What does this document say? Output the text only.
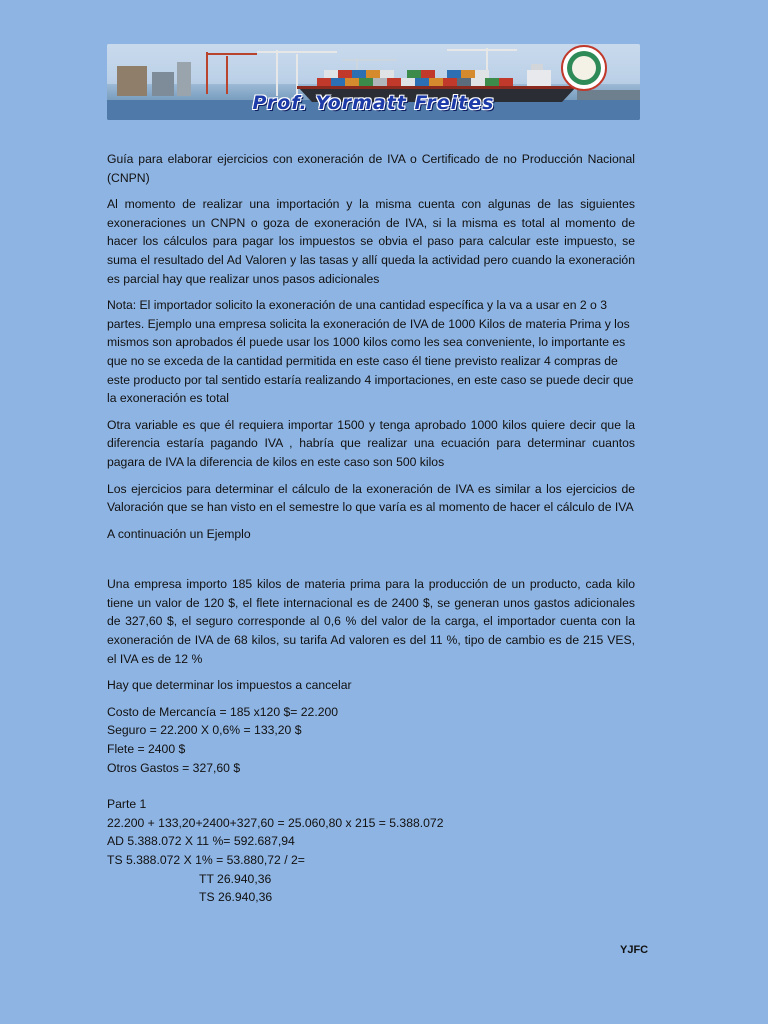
Prof. Yormatt Freites

Guía para elaborar ejercicios con exoneración de IVA o Certificado de no Producción Nacional (CNPN)

Al momento de realizar una importación y la misma cuenta con algunas de las siguientes exoneraciones un CNPN o goza de exoneración de IVA, si la misma es total al momento de hacer los cálculos para pagar los impuestos se obvia el paso para calcular este impuesto, se suma el resultado del Ad Valoren y las tasas y allí queda la actividad pero cuando la exoneración es parcial hay que realizar unos pasos adicionales

Nota: El importador solicito la exoneración de una cantidad específica y la va a usar en 2 o 3 partes. Ejemplo una empresa solicita la exoneración de IVA de 1000 Kilos de materia Prima y los mismos son aprobados él puede usar los 1000 kilos como les sea conveniente, lo importante es que no se exceda de la cantidad permitida en este caso él tiene previsto realizar 4 compras de este producto por tal sentido estaría realizando 4 importaciones, en este caso se puede decir que la exoneración es total

Otra variable es que él requiera importar 1500 y tenga aprobado 1000 kilos quiere decir que la diferencia estaría pagando IVA , habría que realizar una ecuación para determinar cuantos pagara de IVA la diferencia de kilos en este caso son 500 kilos

Los ejercicios para determinar el cálculo de la exoneración de IVA es similar a los ejercicios de Valoración que se han visto en el semestre lo que varía es al momento de hacer el cálculo de IVA

A continuación un Ejemplo

Una empresa importo 185 kilos de materia prima para la producción de un producto, cada kilo tiene un valor de 120 $, el flete internacional es de 2400 $, se generan unos gastos adicionales de 327,60 $, el seguro corresponde al 0,6 % del valor de la carga, el importador cuenta con la exoneración de IVA de 68 kilos, su tarifa Ad valoren es del 11 %, tipo de cambio es de 215 VES, el IVA es de 12 %

Hay que determinar los impuestos a cancelar

Costo de Mercancía = 185 x120 $= 22.200
Seguro = 22.200 X 0,6% = 133,20 $
Flete = 2400 $
Otros Gastos = 327,60 $
Parte 1
22.200 + 133,20+2400+327,60 = 25.060,80 x 215 = 5.388.072
AD 5.388.072 X 11 %= 592.687,94
TS 5.388.072 X 1% = 53.880,72 / 2=
TT 26.940,36
TS 26.940,36
YJFC
